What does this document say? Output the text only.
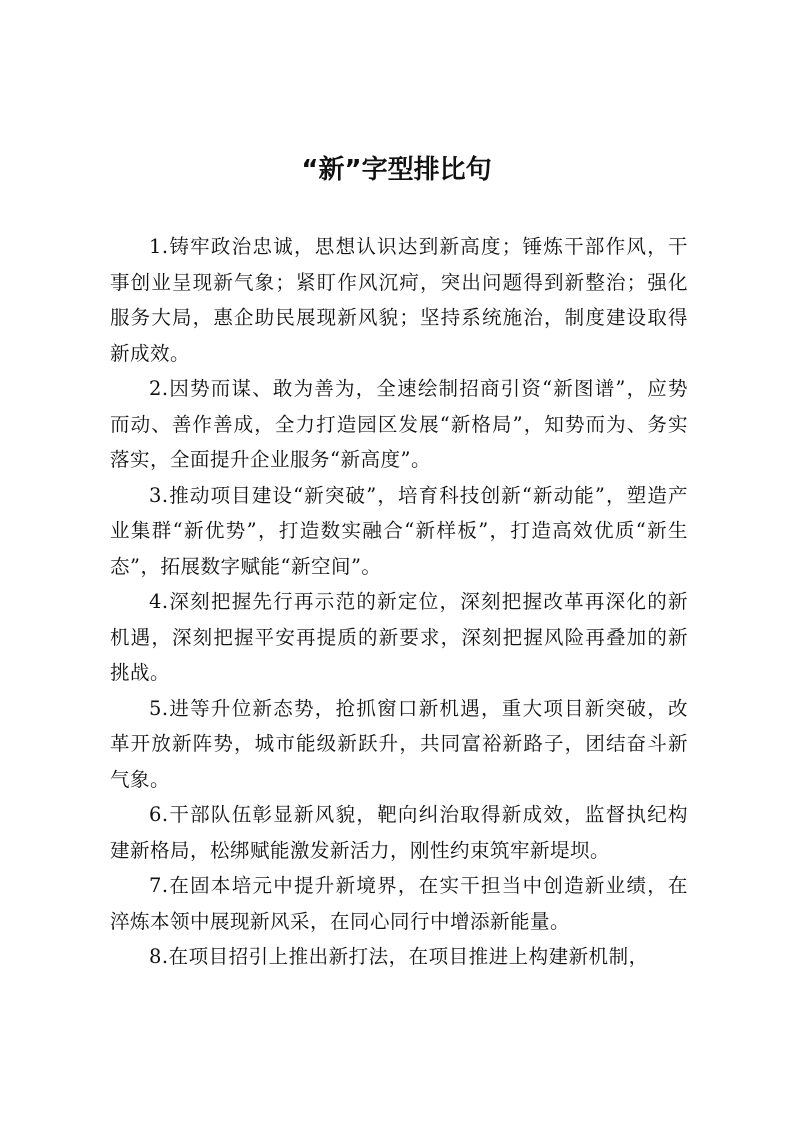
“新”字型排比句

1.铸牢政治忠诚，思想认识达到新高度；锤炼干部作风，干事创业呈现新气象；紧盯作风沉疴，突出问题得到新整治；强化服务大局，惠企助民展现新风貌；坚持系统施治，制度建设取得新成效。

2.因势而谋、敢为善为，全速绘制招商引资“新图谱”，应势而动、善作善成，全力打造园区发展“新格局”，知势而为、务实落实，全面提升企业服务“新高度”。

3.推动项目建设“新突破”，培育科技创新“新动能”，塑造产业集群“新优势”，打造数实融合“新样板”，打造高效优质“新生态”，拓展数字赋能“新空间”。

4.深刻把握先行再示范的新定位，深刻把握改革再深化的新机遇，深刻把握平安再提质的新要求，深刻把握风险再叠加的新挑战。

5.进等升位新态势，抢抓窗口新机遇，重大项目新突破，改革开放新阵势，城市能级新跃升，共同富裕新路子，团结奋斗新气象。

6.干部队伍彰显新风貌，靶向纠治取得新成效，监督执纪构建新格局，松绑赋能激发新活力，刚性约束筑牢新堤坝。

7.在固本培元中提升新境界，在实干担当中创造新业绩，在淬炼本领中展现新风采，在同心同行中增添新能量。

8.在项目招引上推出新打法，在项目推进上构建新机制，
